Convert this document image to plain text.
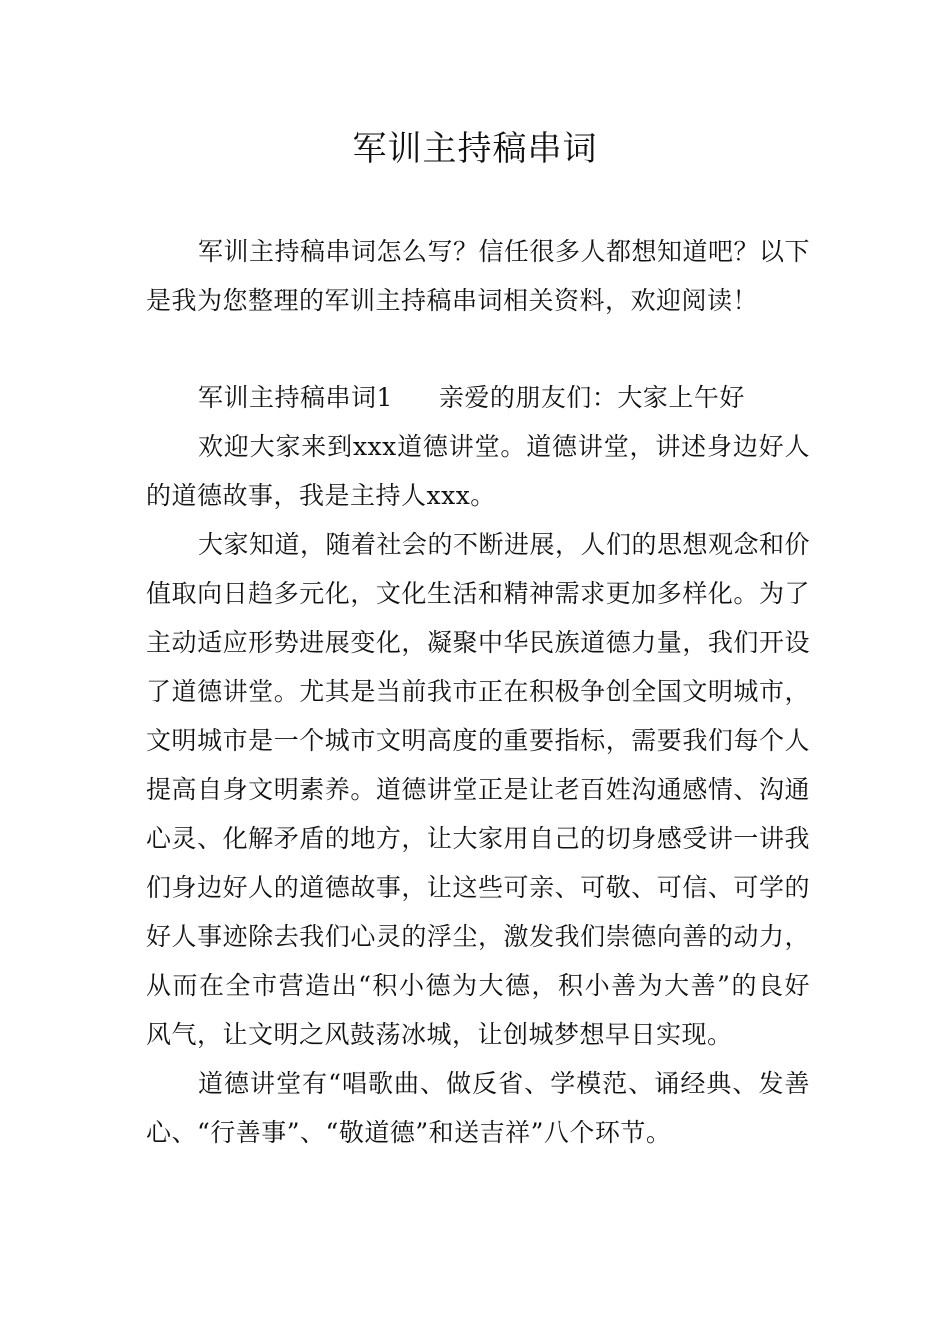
军训主持稿串词

军训主持稿串词怎么写？信任很多人都想知道吧？以下是我为您整理的军训主持稿串词相关资料，欢迎阅读！

军训主持稿串词1 亲爱的朋友们：大家上午好

欢迎大家来到xxx道德讲堂。道德讲堂，讲述身边好人的道德故事，我是主持人xxx。

大家知道，随着社会的不断进展，人们的思想观念和价值取向日趋多元化，文化生活和精神需求更加多样化。为了主动适应形势进展变化，凝聚中华民族道德力量，我们开设了道德讲堂。尤其是当前我市正在积极争创全国文明城市，文明城市是一个城市文明高度的重要指标，需要我们每个人提高自身文明素养。道德讲堂正是让老百姓沟通感情、沟通心灵、化解矛盾的地方，让大家用自己的切身感受讲一讲我们身边好人的道德故事，让这些可亲、可敬、可信、可学的好人事迹除去我们心灵的浮尘，激发我们崇德向善的动力，从而在全市营造出“积小德为大德，积小善为大善”的良好风气，让文明之风鼓荡冰城，让创城梦想早日实现。

道德讲堂有“唱歌曲、做反省、学模范、诵经典、发善心、“行善事”、“敬道德”和送吉祥”八个环节。
